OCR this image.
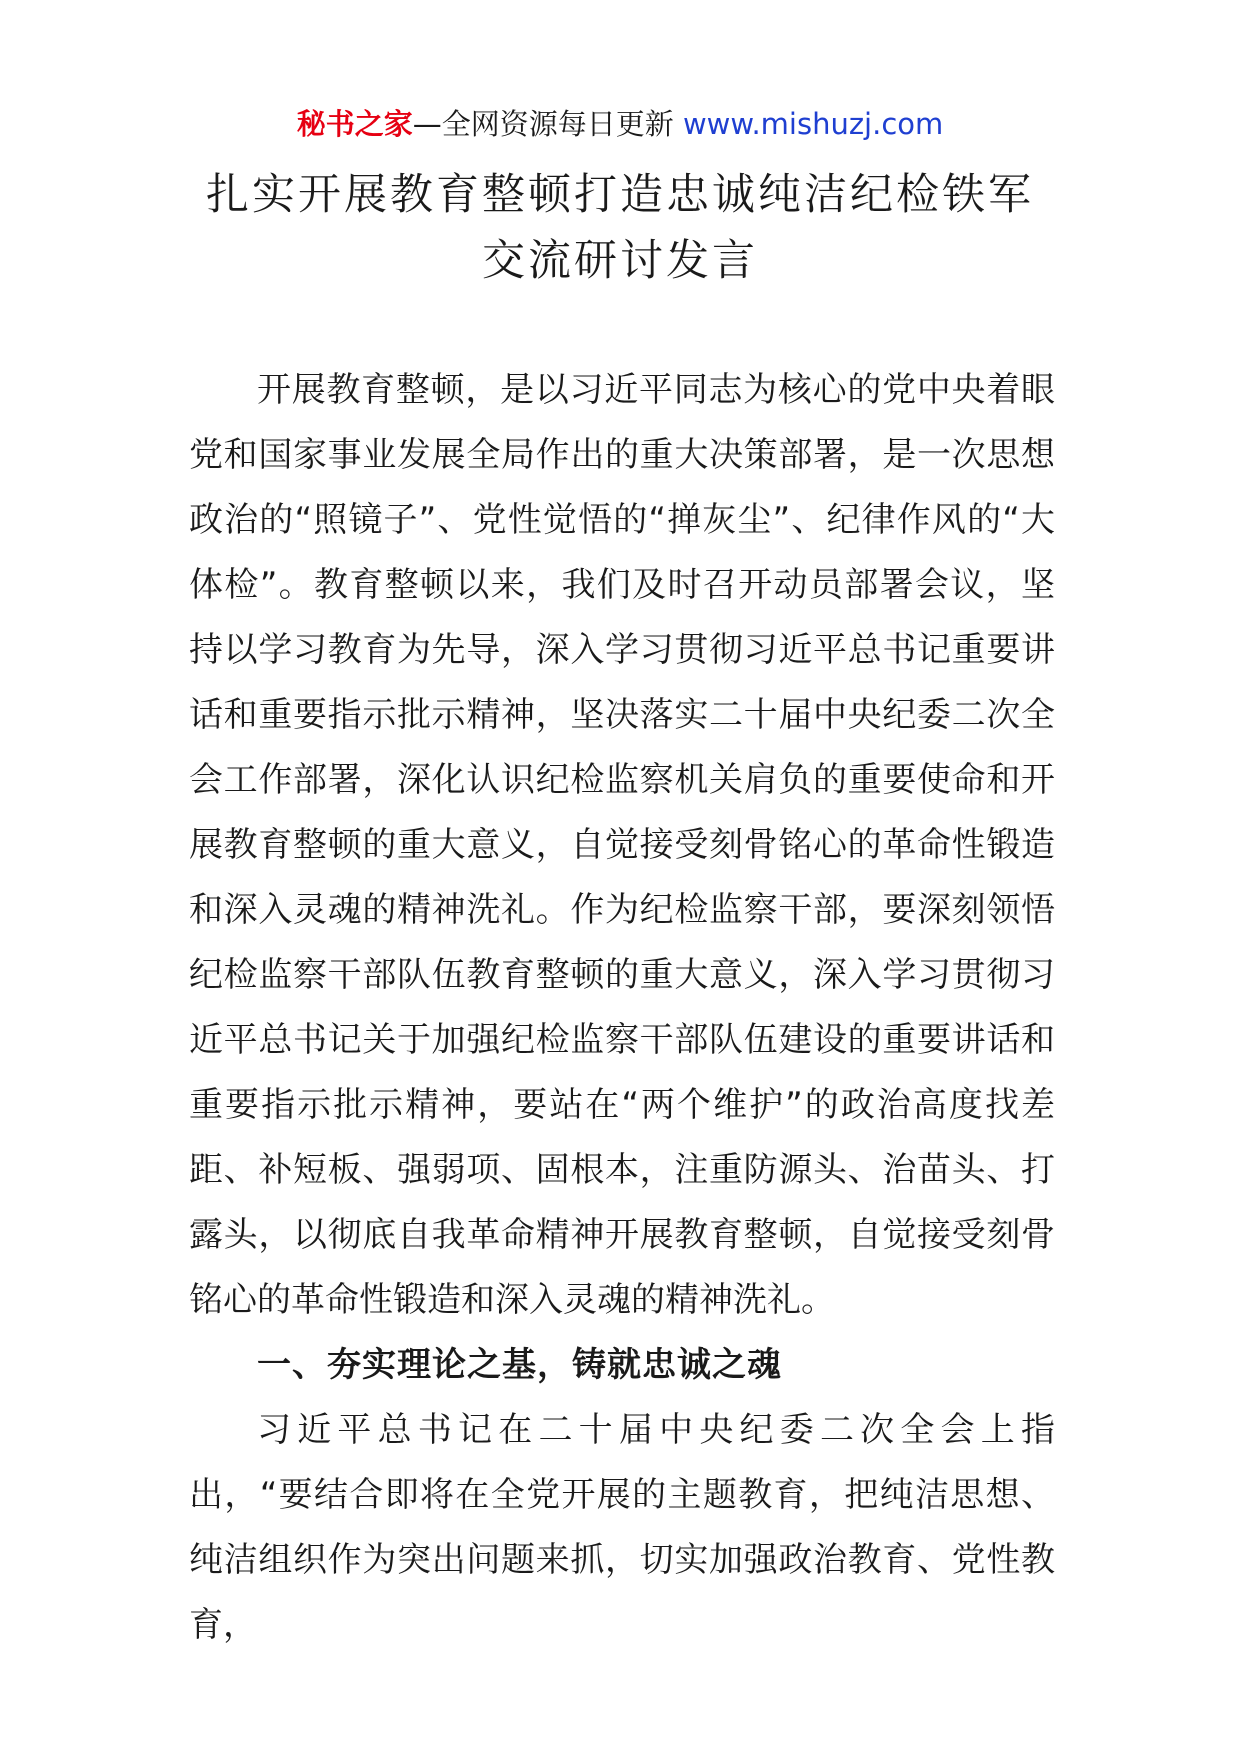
秘书之家—全网资源每日更新 www.mishuzj.com
扎实开展教育整顿打造忠诚纯洁纪检铁军
交流研讨发言

开展教育整顿，是以习近平同志为核心的党中央着眼党和国家事业发展全局作出的重大决策部署，是一次思想政治的“照镜子”、党性觉悟的“掸灰尘”、纪律作风的“大体检”。教育整顿以来，我们及时召开动员部署会议，坚持以学习教育为先导，深入学习贯彻习近平总书记重要讲话和重要指示批示精神，坚决落实二十届中央纪委二次全会工作部署，深化认识纪检监察机关肩负的重要使命和开展教育整顿的重大意义，自觉接受刻骨铭心的革命性锻造和深入灵魂的精神洗礼。作为纪检监察干部，要深刻领悟纪检监察干部队伍教育整顿的重大意义，深入学习贯彻习近平总书记关于加强纪检监察干部队伍建设的重要讲话和重要指示批示精神，要站在“两个维护”的政治高度找差距、补短板、强弱项、固根本，注重防源头、治苗头、打露头，以彻底自我革命精神开展教育整顿，自觉接受刻骨铭心的革命性锻造和深入灵魂的精神洗礼。

一、夯实理论之基，铸就忠诚之魂

习近平总书记在二十届中央纪委二次全会上指出，“要结合即将在全党开展的主题教育，把纯洁思想、纯洁组织作为突出问题来抓，切实加强政治教育、党性教育，
